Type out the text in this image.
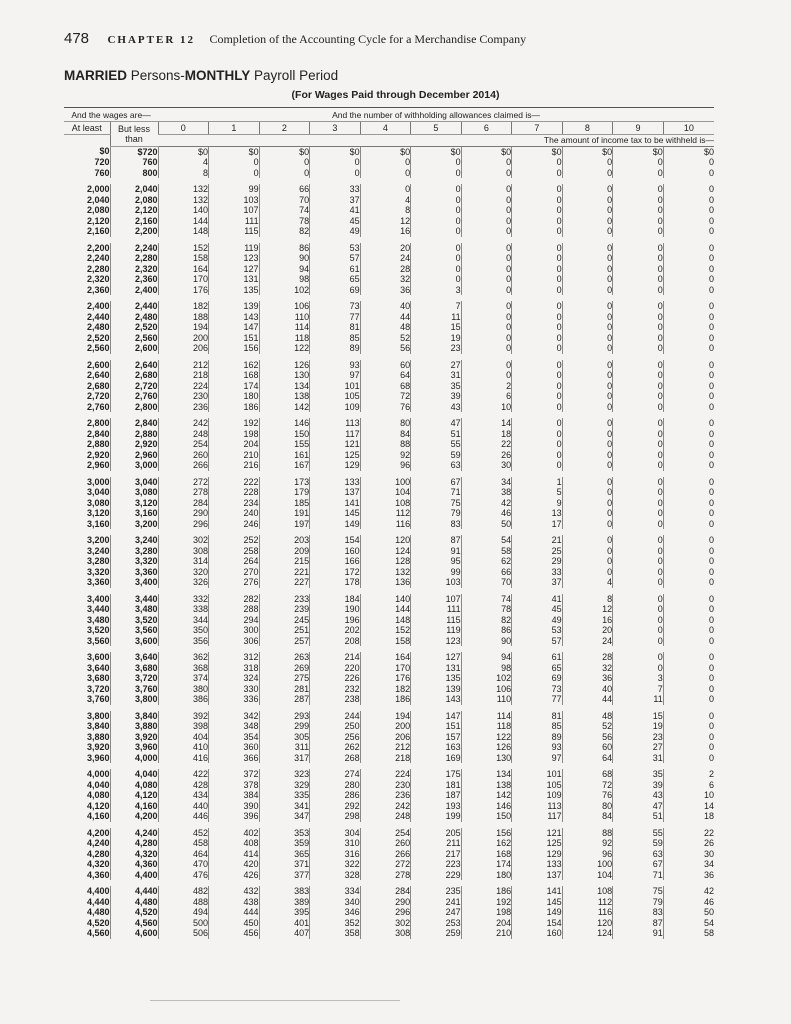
478 CHAPTER 12 Completion of the Accounting Cycle for a Merchandise Company
MARRIED Persons-MONTHLY Payroll Period
(For Wages Paid through December 2014)
And the wages are—		And the number of withholding allowances claimed is—										
At least	But less than	0	1	2	3	4	5	6	7	8	9	10
		The amount of income tax to be withheld is—										
$0	$720	$0	$0	$0	$0	$0	$0	$0	$0	$0	$0	$0
720	760	4	0	0	0	0	0	0	0	0	0	0
760	800	8	0	0	0	0	0	0	0	0	0	0

2,000	2,040	132	99	66	33	0	0	0	0	0	0	0
2,040	2,080	132	103	70	37	4	0	0	0	0	0	0
2,080	2,120	140	107	74	41	8	0	0	0	0	0	0
2,120	2,160	144	111	78	45	12	0	0	0	0	0	0
2,160	2,200	148	115	82	49	16	0	0	0	0	0	0

2,200	2,240	152	119	86	53	20	0	0	0	0	0	0
2,240	2,280	158	123	90	57	24	0	0	0	0	0	0
2,280	2,320	164	127	94	61	28	0	0	0	0	0	0
2,320	2,360	170	131	98	65	32	0	0	0	0	0	0
2,360	2,400	176	135	102	69	36	3	0	0	0	0	0

2,400	2,440	182	139	106	73	40	7	0	0	0	0	0
2,440	2,480	188	143	110	77	44	11	0	0	0	0	0
2,480	2,520	194	147	114	81	48	15	0	0	0	0	0
2,520	2,560	200	151	118	85	52	19	0	0	0	0	0
2,560	2,600	206	156	122	89	56	23	0	0	0	0	0

2,600	2,640	212	162	126	93	60	27	0	0	0	0	0
2,640	2,680	218	168	130	97	64	31	0	0	0	0	0
2,680	2,720	224	174	134	101	68	35	2	0	0	0	0
2,720	2,760	230	180	138	105	72	39	6	0	0	0	0
2,760	2,800	236	186	142	109	76	43	10	0	0	0	0

2,800	2,840	242	192	146	113	80	47	14	0	0	0	0
2,840	2,880	248	198	150	117	84	51	18	0	0	0	0
2,880	2,920	254	204	155	121	88	55	22	0	0	0	0
2,920	2,960	260	210	161	125	92	59	26	0	0	0	0
2,960	3,000	266	216	167	129	96	63	30	0	0	0	0

3,000	3,040	272	222	173	133	100	67	34	1	0	0	0
3,040	3,080	278	228	179	137	104	71	38	5	0	0	0
3,080	3,120	284	234	185	141	108	75	42	9	0	0	0
3,120	3,160	290	240	191	145	112	79	46	13	0	0	0
3,160	3,200	296	246	197	149	116	83	50	17	0	0	0

3,200	3,240	302	252	203	154	120	87	54	21	0	0	0
3,240	3,280	308	258	209	160	124	91	58	25	0	0	0
3,280	3,320	314	264	215	166	128	95	62	29	0	0	0
3,320	3,360	320	270	221	172	132	99	66	33	0	0	0
3,360	3,400	326	276	227	178	136	103	70	37	4	0	0

3,400	3,440	332	282	233	184	140	107	74	41	8	0	0
3,440	3,480	338	288	239	190	144	111	78	45	12	0	0
3,480	3,520	344	294	245	196	148	115	82	49	16	0	0
3,520	3,560	350	300	251	202	152	119	86	53	20	0	0
3,560	3,600	356	306	257	208	158	123	90	57	24	0	0

3,600	3,640	362	312	263	214	164	127	94	61	28	0	0
3,640	3,680	368	318	269	220	170	131	98	65	32	0	0
3,680	3,720	374	324	275	226	176	135	102	69	36	3	0
3,720	3,760	380	330	281	232	182	139	106	73	40	7	0
3,760	3,800	386	336	287	238	186	143	110	77	44	11	0

3,800	3,840	392	342	293	244	194	147	114	81	48	15	0
3,840	3,880	398	348	299	250	200	151	118	85	52	19	0
3,880	3,920	404	354	305	256	206	157	122	89	56	23	0
3,920	3,960	410	360	311	262	212	163	126	93	60	27	0
3,960	4,000	416	366	317	268	218	169	130	97	64	31	0

4,000	4,040	422	372	323	274	224	175	134	101	68	35	2
4,040	4,080	428	378	329	280	230	181	138	105	72	39	6
4,080	4,120	434	384	335	286	236	187	142	109	76	43	10
4,120	4,160	440	390	341	292	242	193	146	113	80	47	14
4,160	4,200	446	396	347	298	248	199	150	117	84	51	18

4,200	4,240	452	402	353	304	254	205	156	121	88	55	22
4,240	4,280	458	408	359	310	260	211	162	125	92	59	26
4,280	4,320	464	414	365	316	266	217	168	129	96	63	30
4,320	4,360	470	420	371	322	272	223	174	133	100	67	34
4,360	4,400	476	426	377	328	278	229	180	137	104	71	36

4,400	4,440	482	432	383	334	284	235	186	141	108	75	42
4,440	4,480	488	438	389	340	290	241	192	145	112	79	46
4,480	4,520	494	444	395	346	296	247	198	149	116	83	50
4,520	4,560	500	450	401	352	302	253	204	154	120	87	54
4,560	4,600	506	456	407	358	308	259	210	160	124	91	58
